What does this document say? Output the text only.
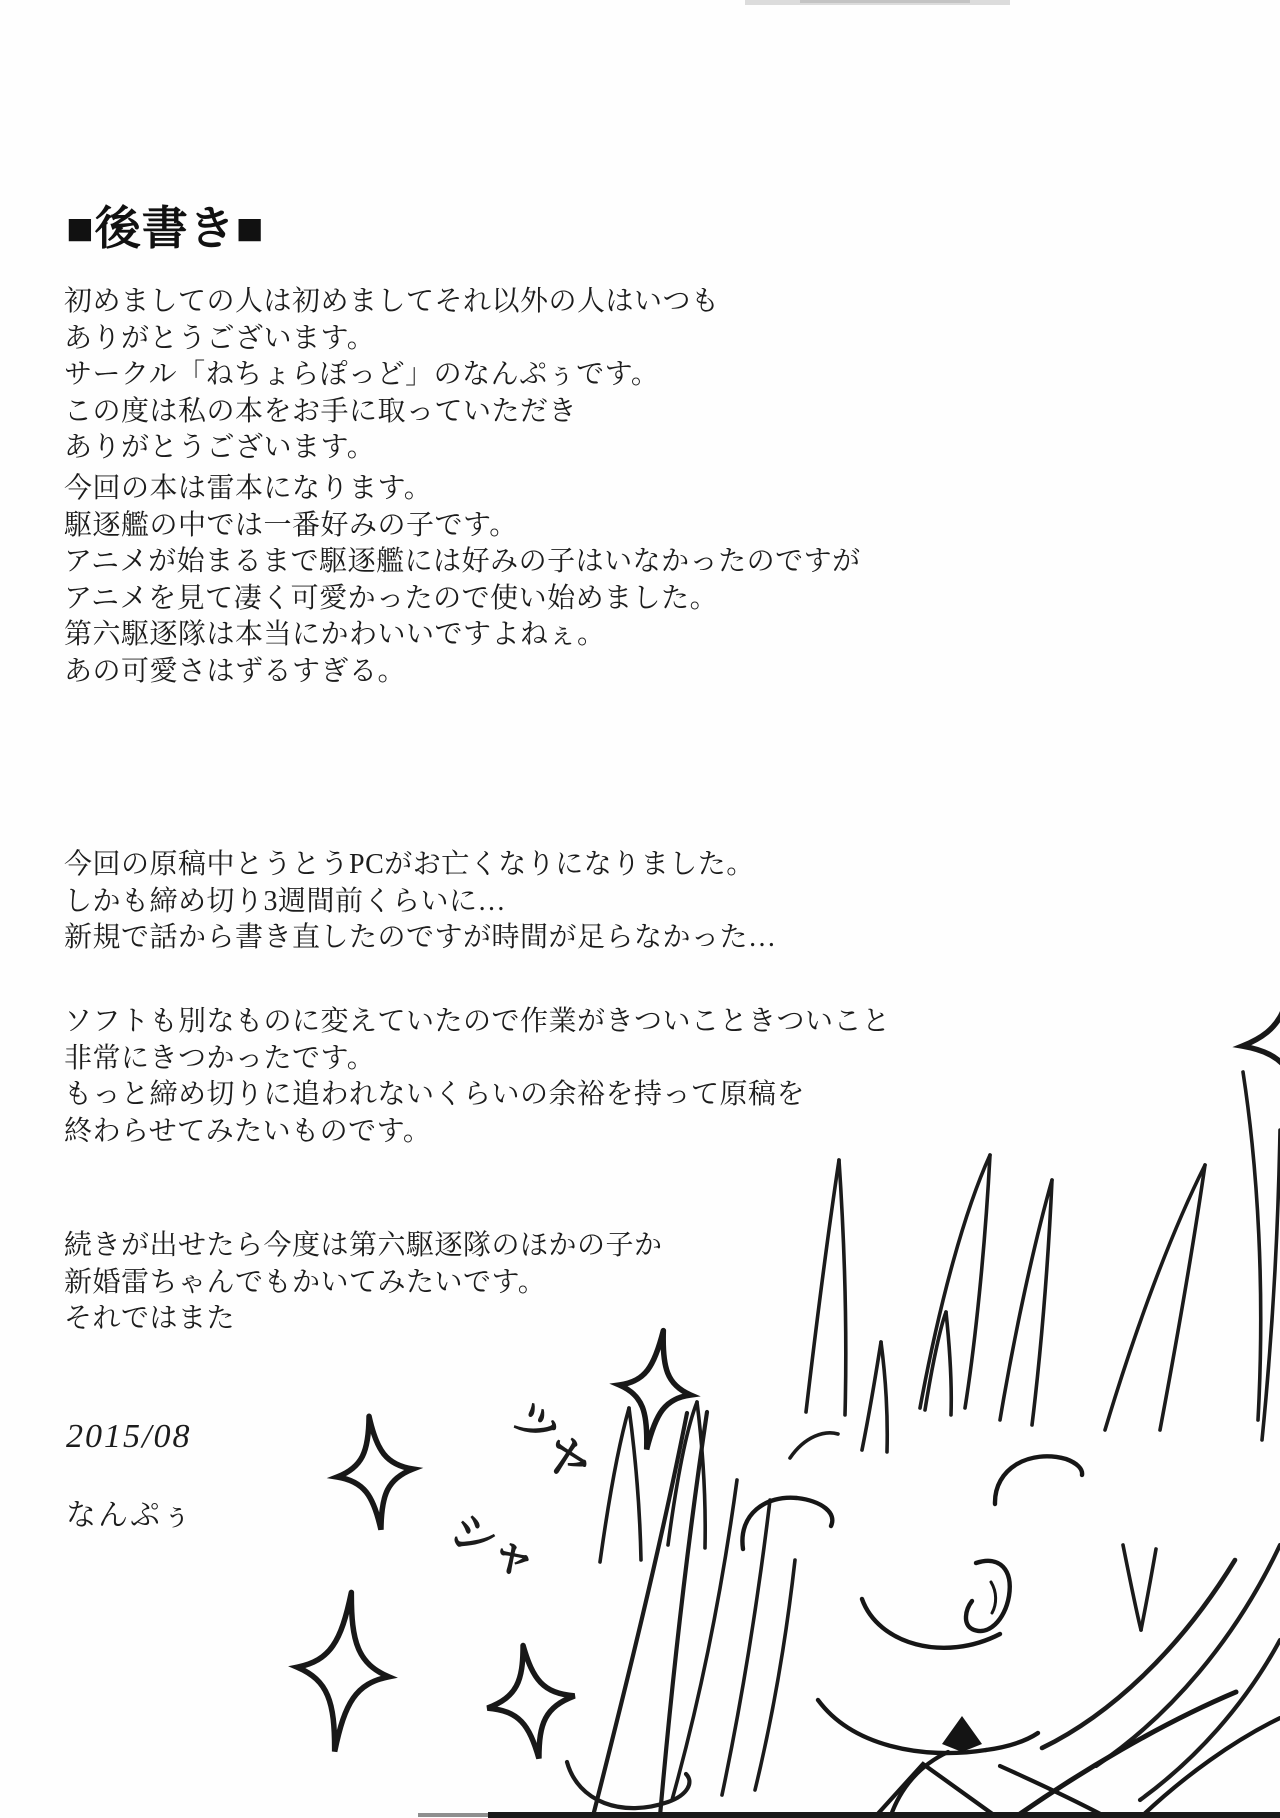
■後書き■
初めましての人は初めましてそれ以外の人はいつも
ありがとうございます。
サークル「ねちょらぽっど」のなんぷぅです。
この度は私の本をお手に取っていただき
ありがとうございます。
今回の本は雷本になります。
駆逐艦の中では一番好みの子です。
アニメが始まるまで駆逐艦には好みの子はいなかったのですが
アニメを見て凄く可愛かったので使い始めました。
第六駆逐隊は本当にかわいいですよねぇ。
あの可愛さはずるすぎる。
今回の原稿中とうとうPCがお亡くなりになりました。
しかも締め切り3週間前くらいに…
新規で話から書き直したのですが時間が足らなかった…
ソフトも別なものに変えていたので作業がきついこときついこと
非常にきつかったです。
もっと締め切りに追われないくらいの余裕を持って原稿を
終わらせてみたいものです。
続きが出せたら今度は第六駆逐隊のほかの子か
新婚雷ちゃんでもかいてみたいです。
それではまた
2015/08
なんぷぅ
ツヤ
シャ
